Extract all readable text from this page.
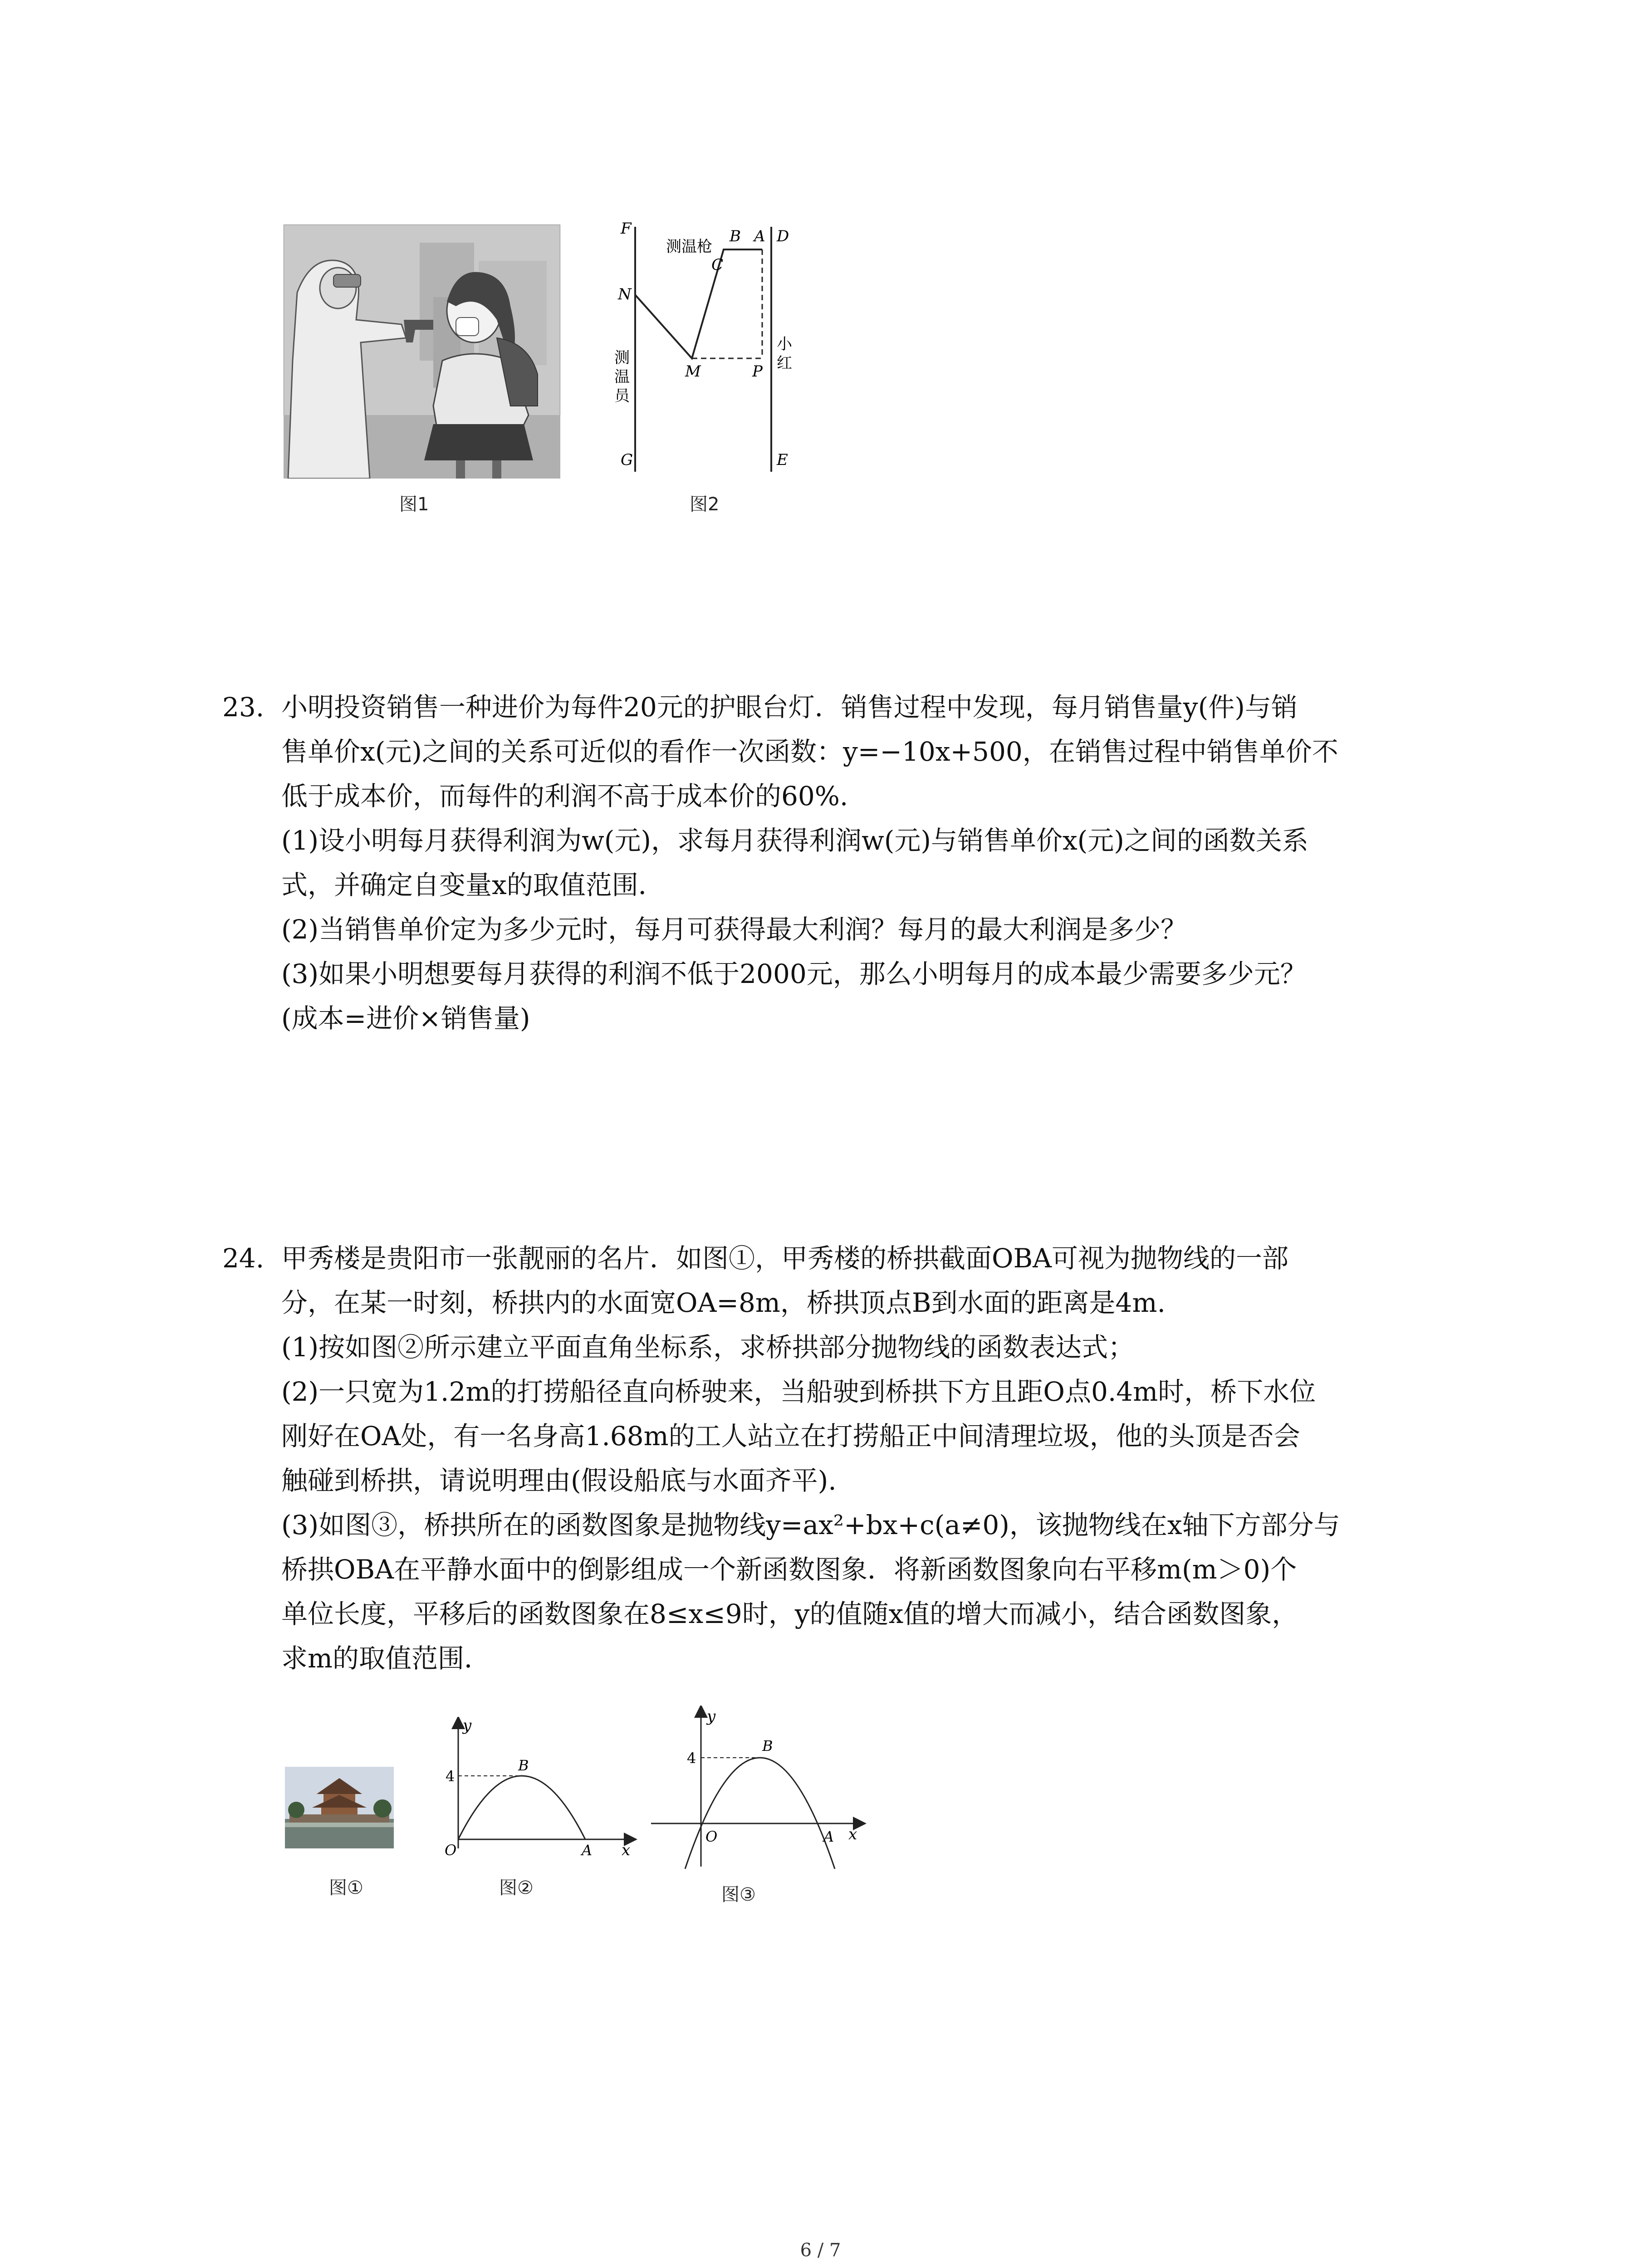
图1
F
N
G
B A D
C
M	P
E
测温枪
测
温
员
小
红
图2

23. 小明投资销售一种进价为每件20元的护眼台灯．销售过程中发现，每月销售量y(件)与销

售单价x(元)之间的关系可近似的看作一次函数：y=−10x+500，在销售过程中销售单价不

低于成本价，而每件的利润不高于成本价的60%.

(1)设小明每月获得利润为w(元)，求每月获得利润w(元)与销售单价x(元)之间的函数关系

式，并确定自变量x的取值范围．

(2)当销售单价定为多少元时，每月可获得最大利润？每月的最大利润是多少？

(3)如果小明想要每月获得的利润不低于2000元，那么小明每月的成本最少需要多少元？

(成本=进价×销售量)

24. 甲秀楼是贵阳市一张靓丽的名片．如图①，甲秀楼的桥拱截面OBA可视为抛物线的一部

分，在某一时刻，桥拱内的水面宽OA=8m，桥拱顶点B到水面的距离是4m.

(1)按如图②所示建立平面直角坐标系，求桥拱部分抛物线的函数表达式；

(2)一只宽为1.2m的打捞船径直向桥驶来，当船驶到桥拱下方且距O点0.4m时，桥下水位

刚好在OA处，有一名身高1.68m的工人站立在打捞船正中间清理垃圾，他的头顶是否会

触碰到桥拱，请说明理由(假设船底与水面齐平).

(3)如图③，桥拱所在的函数图象是抛物线y=ax²+bx+c(a≠0)，该抛物线在x轴下方部分与

桥拱OBA在平静水面中的倒影组成一个新函数图象．将新函数图象向右平移m(m＞0)个

单位长度，平移后的函数图象在8≤x≤9时，y的值随x值的增大而减小，结合函数图象，

求m的取值范围．

图①
y
x
4
B
O	A
图②
y
x
4
B
O	A
图③
6 / 7
